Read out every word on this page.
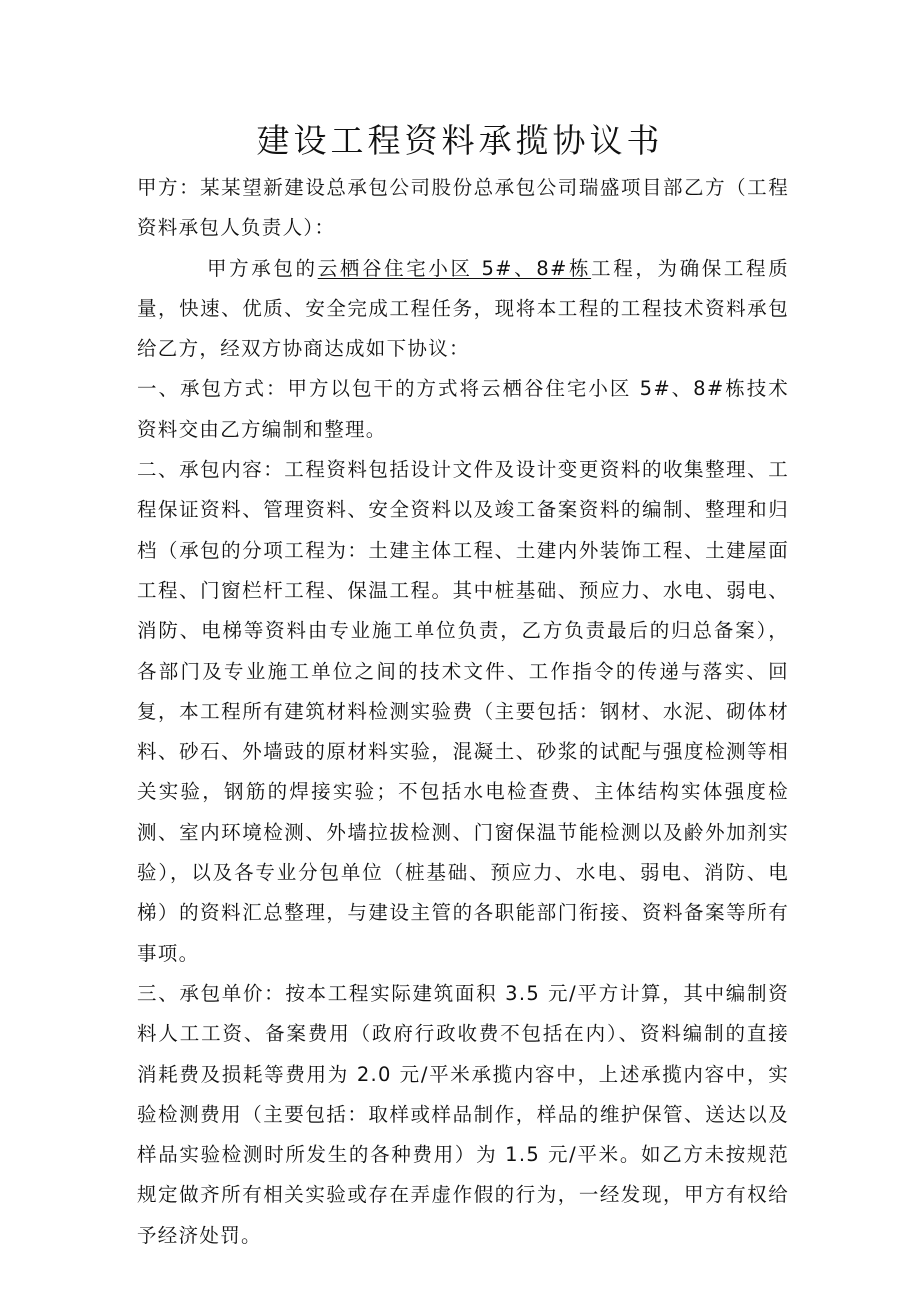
建设工程资料承揽协议书

甲方：某某望新建设总承包公司股份总承包公司瑞盛项目部乙方（工程资料承包人负责人）：

甲方承包的云栖谷住宅小区 5#、8#栋工程，为确保工程质量，快速、优质、安全完成工程任务，现将本工程的工程技术资料承包给乙方，经双方协商达成如下协议：

一、承包方式：甲方以包干的方式将云栖谷住宅小区 5#、8#栋技术资料交由乙方编制和整理。

二、承包内容：工程资料包括设计文件及设计变更资料的收集整理、工程保证资料、管理资料、安全资料以及竣工备案资料的编制、整理和归档（承包的分项工程为：土建主体工程、土建内外装饰工程、土建屋面工程、门窗栏杆工程、保温工程。其中桩基础、预应力、水电、弱电、消防、电梯等资料由专业施工单位负责，乙方负责最后的归总备案），各部门及专业施工单位之间的技术文件、工作指令的传递与落实、回复，本工程所有建筑材料检测实验费（主要包括：钢材、水泥、砌体材料、砂石、外墙豉的原材料实验，混凝土、砂浆的试配与强度检测等相关实验，钢筋的焊接实验；不包括水电检查费、主体结构实体强度检测、室内环境检测、外墙拉拔检测、门窗保温节能检测以及鹷外加剂实验），以及各专业分包单位（桩基础、预应力、水电、弱电、消防、电梯）的资料汇总整理，与建设主管的各职能部门衔接、资料备案等所有事项。

三、承包单价：按本工程实际建筑面积 3.5 元/平方计算，其中编制资料人工工资、备案费用（政府行政收费不包括在内）、资料编制的直接消耗费及损耗等费用为 2.0 元/平米承揽内容中，上述承揽内容中，实验检测费用（主要包括：取样或样品制作，样品的维护保管、送达以及样品实验检测时所发生的各种费用）为 1.5 元/平米。如乙方未按规范规定做齐所有相关实验或存在弄虚作假的行为，一经发现，甲方有权给予经济处罚。
